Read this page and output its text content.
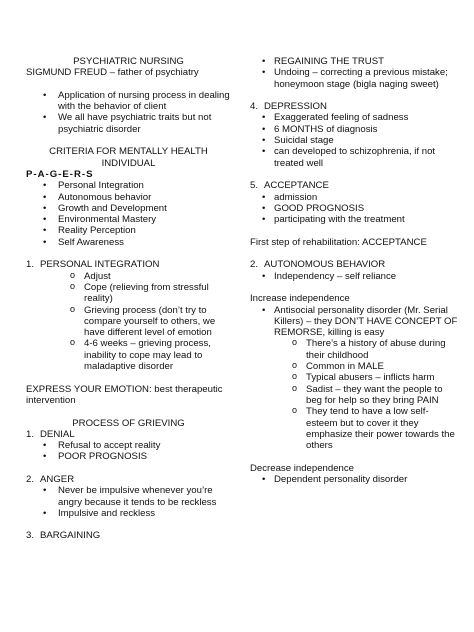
PSYCHIATRIC NURSING
SIGMUND FREUD – father of psychiatry
• Application of nursing process in dealing with the behavior of client
• We all have psychiatric traits but not psychiatric disorder
CRITERIA FOR MENTALLY HEALTH INDIVIDUAL
P-A-G-E-R-S
• Personal Integration
• Autonomous behavior
• Growth and Development
• Environmental Mastery
• Reality Perception
• Self Awareness
1. PERSONAL INTEGRATION
o Adjust
o Cope (relieving from stressful reality)
o Grieving process (don’t try to compare yourself to others, we have different level of emotion
o 4-6 weeks – grieving process, inability to cope may lead to maladaptive disorder
EXPRESS YOUR EMOTION: best therapeutic intervention
PROCESS OF GRIEVING
1. DENIAL
• Refusal to accept reality
• POOR PROGNOSIS
2. ANGER
• Never be impulsive whenever you’re angry because it tends to be reckless
• Impulsive and reckless
3. BARGAINING
• REGAINING THE TRUST
• Undoing – correcting a previous mistake; honeymoon stage (bigla naging sweet)
4. DEPRESSION
• Exaggerated feeling of sadness
• 6 MONTHS of diagnosis
• Suicidal stage
• can developed to schizophrenia, if not treated well
5. ACCEPTANCE
• admission
• GOOD PROGNOSIS
• participating with the treatment
First step of rehabilitation: ACCEPTANCE
2. AUTONOMOUS BEHAVIOR
• Independency – self reliance
Increase independence
• Antisocial personality disorder (Mr. Serial Killers) – they DON’T HAVE CONCEPT OF REMORSE, killing is easy
o There’s a history of abuse during their childhood
o Common in MALE
o Typical abusers – inflicts harm
o Sadist – they want the people to beg for help so they bring PAIN
o They tend to have a low self-esteem but to cover it they emphasize their power towards the others
Decrease independence
• Dependent personality disorder
